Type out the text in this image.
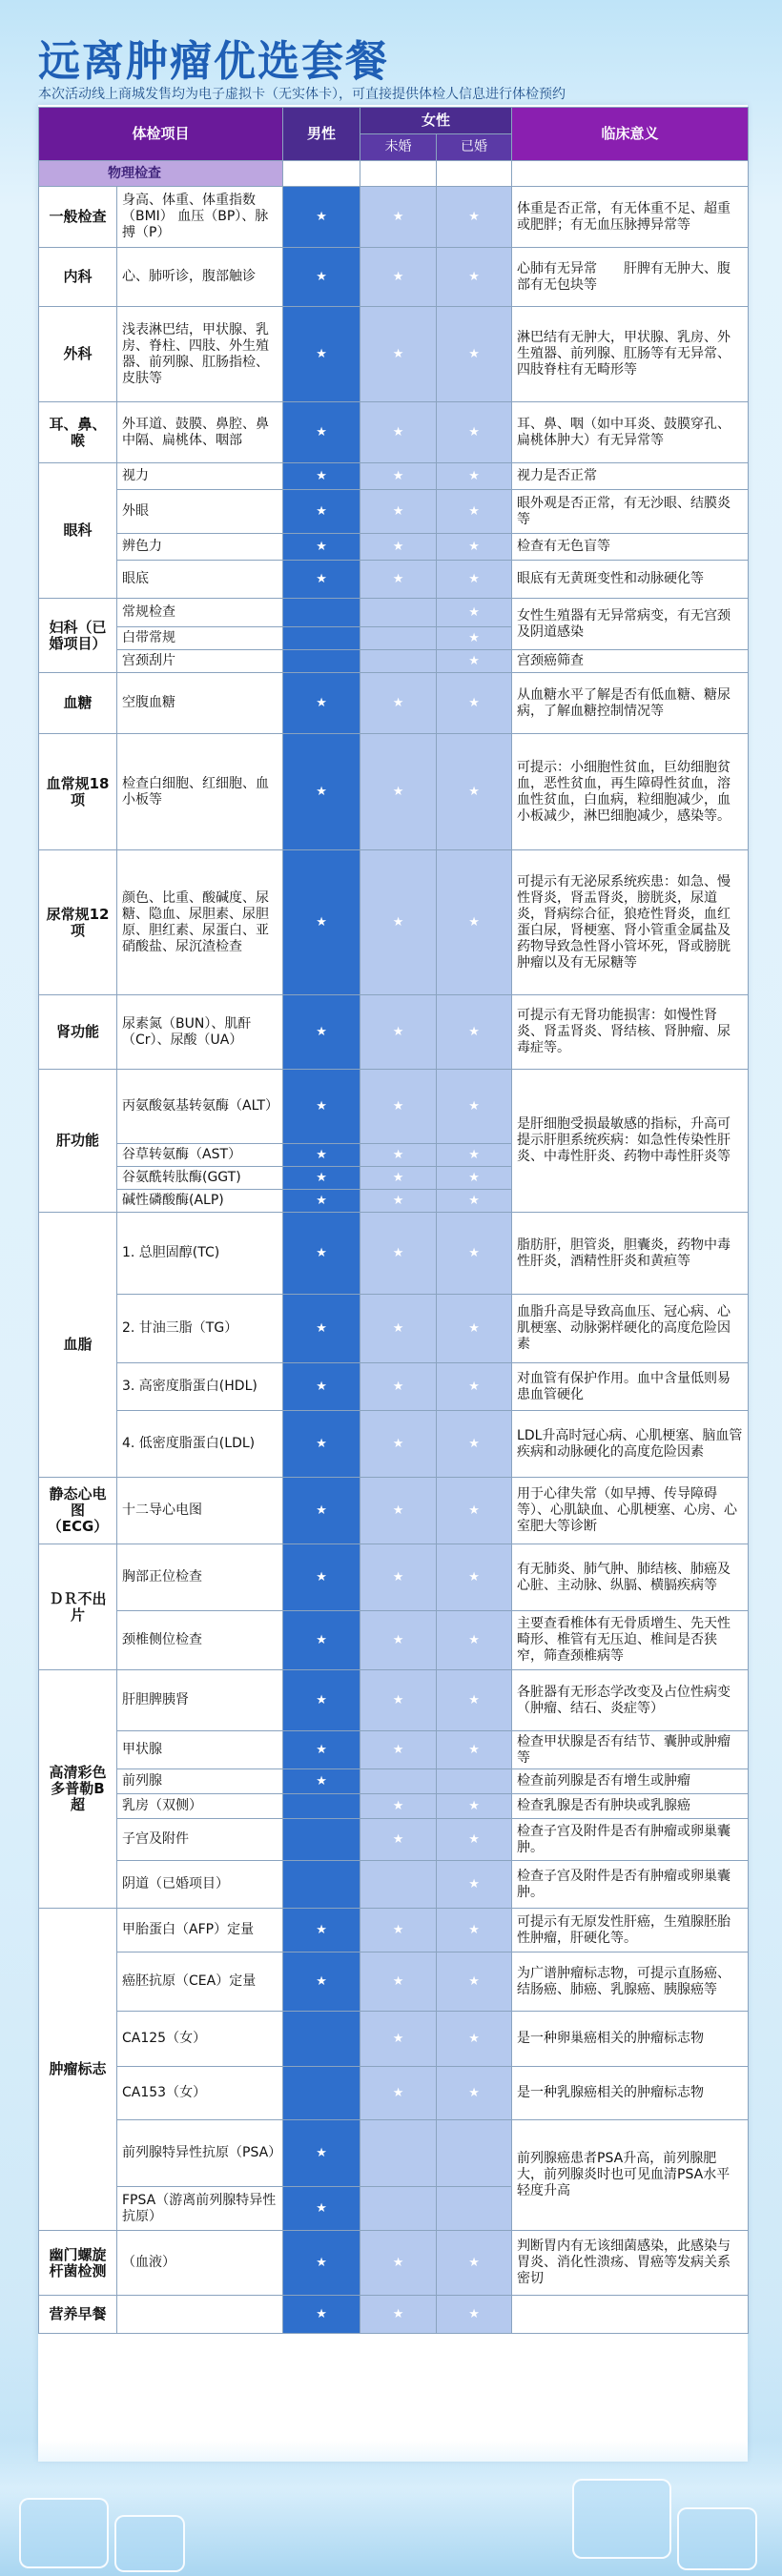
远离肿瘤优选套餐
本次活动线上商城发售均为电子虚拟卡（无实体卡），可直接提供体检人信息进行体检预约
体检项目		男性	女性		临床意义
			未婚	已婚	
物理检查					
一般检查	身高、体重、体重指数（BMI） 血压（BP）、脉搏（P）	★	★	★	体重是否正常，有无体重不足、超重或肥胖；有无血压脉搏异常等
内科	心、肺听诊，腹部触诊	★	★	★	心肺有无异常　　肝脾有无肿大、腹部有无包块等
外科	浅表淋巴结，甲状腺、乳房、脊柱、四肢、外生殖器、前列腺、肛肠指检、皮肤等	★	★	★	淋巴结有无肿大，甲状腺、乳房、外生殖器、前列腺、肛肠等有无异常、四肢脊柱有无畸形等
耳、鼻、喉	外耳道、鼓膜、鼻腔、鼻中隔、扁桃体、咽部	★	★	★	耳、鼻、咽（如中耳炎、鼓膜穿孔、扁桃体肿大）有无异常等
眼科	视力	★	★	★	视力是否正常
	外眼	★	★	★	眼外观是否正常，有无沙眼、结膜炎等
	辨色力	★	★	★	检查有无色盲等
	眼底	★	★	★	眼底有无黄斑变性和动脉硬化等
妇科（已婚项目）	常规检查			★	女性生殖器有无异常病变，有无宫颈及阴道感染
	白带常规			★	
	宫颈刮片			★	宫颈癌筛查
血糖	空腹血糖	★	★	★	从血糖水平了解是否有低血糖、糖尿病，了解血糖控制情况等
血常规18项	检查白细胞、红细胞、血小板等	★	★	★	可提示：小细胞性贫血，巨幼细胞贫血，恶性贫血，再生障碍性贫血，溶血性贫血，白血病，粒细胞减少，血小板减少，淋巴细胞减少，感染等。
尿常规12项	颜色、比重、酸碱度、尿糖、隐血、尿胆素、尿胆原、胆红素、尿蛋白、亚硝酸盐、尿沉渣检查	★	★	★	可提示有无泌尿系统疾患：如急、慢性肾炎，肾盂肾炎，膀胱炎，尿道炎，肾病综合征，狼疮性肾炎，血红蛋白尿，肾梗塞、肾小管重金属盐及药物导致急性肾小管坏死，肾或膀胱肿瘤以及有无尿糖等
肾功能	尿素氮（BUN）、肌酐（Cr）、尿酸（UA）	★	★	★	可提示有无肾功能损害：如慢性肾炎、肾盂肾炎、肾结核、肾肿瘤、尿毒症等。
肝功能	丙氨酸氨基转氨酶（ALT）	★	★	★	是肝细胞受损最敏感的指标，升高可提示肝胆系统疾病：如急性传染性肝炎、中毒性肝炎、药物中毒性肝炎等
	谷草转氨酶（AST）	★	★	★	
	谷氨酰转肽酶(GGT)	★	★	★	
	碱性磷酸酶(ALP)	★	★	★	
血脂	1. 总胆固醇(TC)	★	★	★	脂肪肝，胆管炎，胆囊炎，药物中毒性肝炎，酒精性肝炎和黄疸等
	2. 甘油三脂（TG）	★	★	★	血脂升高是导致高血压、冠心病、心肌梗塞、动脉粥样硬化的高度危险因素
	3. 高密度脂蛋白(HDL)	★	★	★	对血管有保护作用。血中含量低则易患血管硬化
	4. 低密度脂蛋白(LDL)	★	★	★	LDL升高时冠心病、心肌梗塞、脑血管疾病和动脉硬化的高度危险因素
静态心电图（ECG）	十二导心电图	★	★	★	用于心律失常（如早搏、传导障碍等）、心肌缺血、心肌梗塞、心房、心室肥大等诊断
ＤＲ不出片	胸部正位检查	★	★	★	有无肺炎、肺气肿、肺结核、肺癌及心脏、主动脉、纵膈、横膈疾病等
	颈椎侧位检查	★	★	★	主要查看椎体有无骨质增生、先天性畸形、椎管有无压迫、椎间是否狭窄，筛查颈椎病等
高清彩色多普勒B超	肝胆脾胰肾	★	★	★	各脏器有无形态学改变及占位性病变（肿瘤、结石、炎症等）
	甲状腺	★	★	★	检查甲状腺是否有结节、囊肿或肿瘤等
	前列腺	★			检查前列腺是否有增生或肿瘤
	乳房（双侧）		★	★	检查乳腺是否有肿块或乳腺癌
	子宫及附件		★	★	检查子宫及附件是否有肿瘤或卵巢囊肿。
	阴道（已婚项目）			★	检查子宫及附件是否有肿瘤或卵巢囊肿。
肿瘤标志	甲胎蛋白（AFP）定量	★	★	★	可提示有无原发性肝癌，生殖腺胚胎性肿瘤，肝硬化等。
	癌胚抗原（CEA）定量	★	★	★	为广谱肿瘤标志物，可提示直肠癌、结肠癌、肺癌、乳腺癌、胰腺癌等
	CA125（女）		★	★	是一种卵巢癌相关的肿瘤标志物
	CA153（女）		★	★	是一种乳腺癌相关的肿瘤标志物
	前列腺特异性抗原（PSA）	★			前列腺癌患者PSA升高，前列腺肥大，前列腺炎时也可见血清PSA水平轻度升高
	FPSA（游离前列腺特异性抗原）	★			
幽门螺旋杆菌检测	（血液）	★	★	★	判断胃内有无该细菌感染，此感染与胃炎、消化性溃疡、胃癌等发病关系密切
营养早餐		★	★	★	
